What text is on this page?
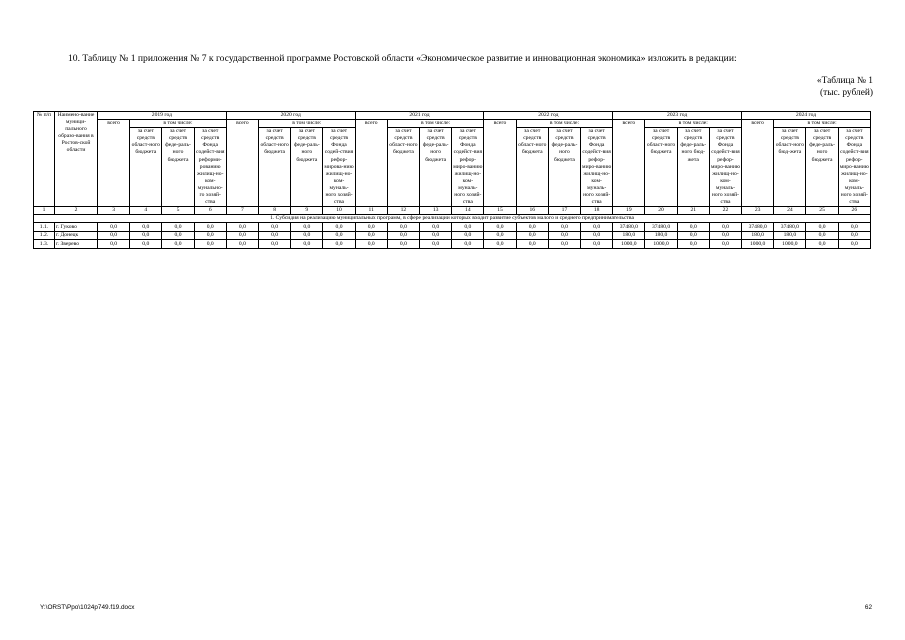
10. Таблицу № 1 приложения № 7 к государственной программе Ростовской области «Экономическое развитие и инновационная экономика» изложить в редакции:
«Таблица № 1
(тыс. рублей)
№ п/п	Наимено-вание муници-пального образо-вания в Ростов-ской области	2019 год				2020 год				2021 год				2022 год				2023 год				2024 год			
		всего	в том числе:			всего	в том числе:			всего	в том числе:			всего	в том числе:			всего	в том числе:			всего	в том числе:		
			за счет средств област-ного бюджета	за счет средств феде-раль-ного бюджета	за счет средств Фонда содейст-вия реформи-рованию жилищ-но-ком-мунально-го хозяй-ства		за счет средств област-ного бюджета	за счет средств феде-раль-ного бюджета	за счет средств Фонда содей-ствия рефор-мирова-нию жилищ-но-ком-муналь-ного хозяй-ства		за счет средств област-ного бюджета	за счет средств феде-раль-ного бюджета	за счет средств Фонда содейст-вия рефор-миро-ванию жилищ-но-ком-муналь-ного хозяй-ства		за счет средств област-ного бюджета	за счет средств феде-раль-ного бюджета	за счет средств Фонда содейст-вия рефор-миро-ванию жилищ-но-ком-муналь-ного хозяй-ства		за счет средств област-ного бюджета	за счет средств феде-раль-ного бюд-жета	за счет средств Фонда содейст-вия рефор-миро-ванию жилищ-но-ком-муналь-ного хозяй-ства		за счет средств област-ного бюд-жета	за счет средств феде-раль-ного бюджета	за счет средств Фонда содейст-вия рефор-миро-ванию жилищ-но-ком-муналь-ного хозяй-ства
1	2	3	4	5	6	7	8	9	10	11	12	13	14	15	16	17	18	19	20	21	22	23	24	25	26
1. Субсидия на реализацию муниципальных программ, в сфере реализации которых входит развитие субъектов малого и среднего предпринимательства																									
1.1.	г. Гуково	0,0	0,0	0,0	0,0	0,0	0,0	0,0	0,0	0,0	0,0	0,0	0,0	0,0	0,0	0,0	0,0	37480,0	37480,0	0,0	0,0	37480,0	37480,0	0,0	0,0
1.2.	г. Донецк	0,0	0,0	0,0	0,0	0,0	0,0	0,0	0,0	0,0	0,0	0,0	0,0	0,0	0,0	0,0	0,0	180,0	180,0	0,0	0,0	180,0	180,0	0,0	0,0
1.3.	г. Зверево	0,0	0,0	0,0	0,0	0,0	0,0	0,0	0,0	0,0	0,0	0,0	0,0	0,0	0,0	0,0	0,0	1000,0	1000,0	0,0	0,0	1000,0	1000,0	0,0	0,0
Y:\ORST\Ppo\1024p749.f19.docx	62
